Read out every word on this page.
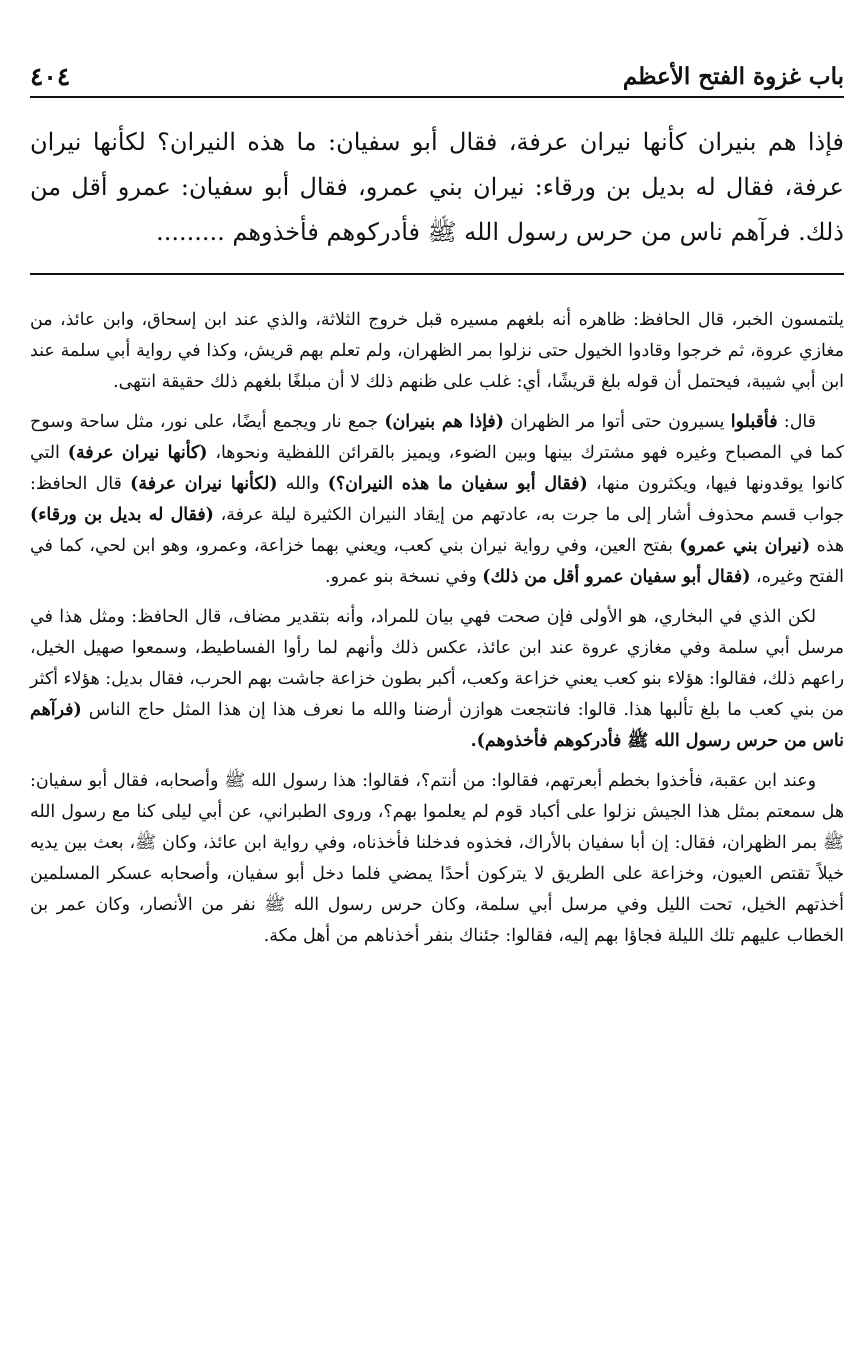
باب غزوة الفتح الأعظم
٤٠٤
فإذا هم بنيران كأنها نيران عرفة، فقال أبو سفيان: ما هذه النيران؟ لكأنها نيران عرفة، فقال له بديل بن ورقاء: نيران بني عمرو، فقال أبو سفيان: عمرو أقل من ذلك. فرآهم ناس من حرس رسول الله ﷺ فأدركوهم فأخذوهم .........

يلتمسون الخبر، قال الحافظ: ظاهره أنه بلغهم مسيره قبل خروج الثلاثة، والذي عند ابن إسحاق، وابن عائذ، من مغازي عروة، ثم خرجوا وقادوا الخيول حتى نزلوا بمر الظهران، ولم تعلم بهم قريش، وكذا في رواية أبي سلمة عند ابن أبي شيبة، فيحتمل أن قوله بلغ قريشًا، أي: غلب على ظنهم ذلك لا أن مبلغًا بلغهم ذلك حقيقة انتهى.

قال: فأقبلوا يسيرون حتى أتوا مر الظهران (فإذا هم بنيران) جمع نار ويجمع أيضًا، على نور، مثل ساحة وسوح كما في المصباح وغيره فهو مشترك بينها وبين الضوء، ويميز بالقرائن اللفظية ونحوها، (كأنها نيران عرفة) التي كانوا يوقدونها فيها، ويكثرون منها، (فقال أبو سفيان ما هذه النيران؟) والله (لكأنها نيران عرفة) قال الحافظ: جواب قسم محذوف أشار إلى ما جرت به، عادتهم من إيقاد النيران الكثيرة ليلة عرفة، (فقال له بديل بن ورقاء) هذه (نيران بني عمرو) بفتح العين، وفي رواية نيران بني كعب، ويعني بهما خزاعة، وعمرو، وهو ابن لحي، كما في الفتح وغيره، (فقال أبو سفيان عمرو أقل من ذلك) وفي نسخة بنو عمرو.

لكن الذي في البخاري، هو الأولى فإن صحت فهي بيان للمراد، وأنه بتقدير مضاف، قال الحافظ: ومثل هذا في مرسل أبي سلمة وفي مغازي عروة عند ابن عائذ، عكس ذلك وأنهم لما رأوا الفساطيط، وسمعوا صهيل الخيل، راعهم ذلك، فقالوا: هؤلاء بنو كعب يعني خزاعة وكعب، أكبر بطون خزاعة جاشت بهم الحرب، فقال بديل: هؤلاء أكثر من بني كعب ما بلغ تألبها هذا. قالوا: فانتجعت هوازن أرضنا والله ما نعرف هذا إن هذا المثل حاج الناس (فرآهم ناس من حرس رسول الله ﷺ فأدركوهم فأخذوهم).

وعند ابن عقبة، فأخذوا بخطم أبعرتهم، فقالوا: من أنتم؟، فقالوا: هذا رسول الله ﷺ وأصحابه، فقال أبو سفيان: هل سمعتم بمثل هذا الجيش نزلوا على أكباد قوم لم يعلموا بهم؟، وروى الطبراني، عن أبي ليلى كنا مع رسول الله ﷺ بمر الظهران، فقال: إن أبا سفيان بالأراك، فخذوه فدخلنا فأخذناه، وفي رواية ابن عائذ، وكان ﷺ، بعث بين يديه خيلاً تقتص العيون، وخزاعة على الطريق لا يتركون أحدًا يمضي فلما دخل أبو سفيان، وأصحابه عسكر المسلمين أخذتهم الخيل، تحت الليل وفي مرسل أبي سلمة، وكان حرس رسول الله ﷺ نفر من الأنصار، وكان عمر بن الخطاب عليهم تلك الليلة فجاؤا بهم إليه، فقالوا: جئناك بنفر أخذناهم من أهل مكة.
